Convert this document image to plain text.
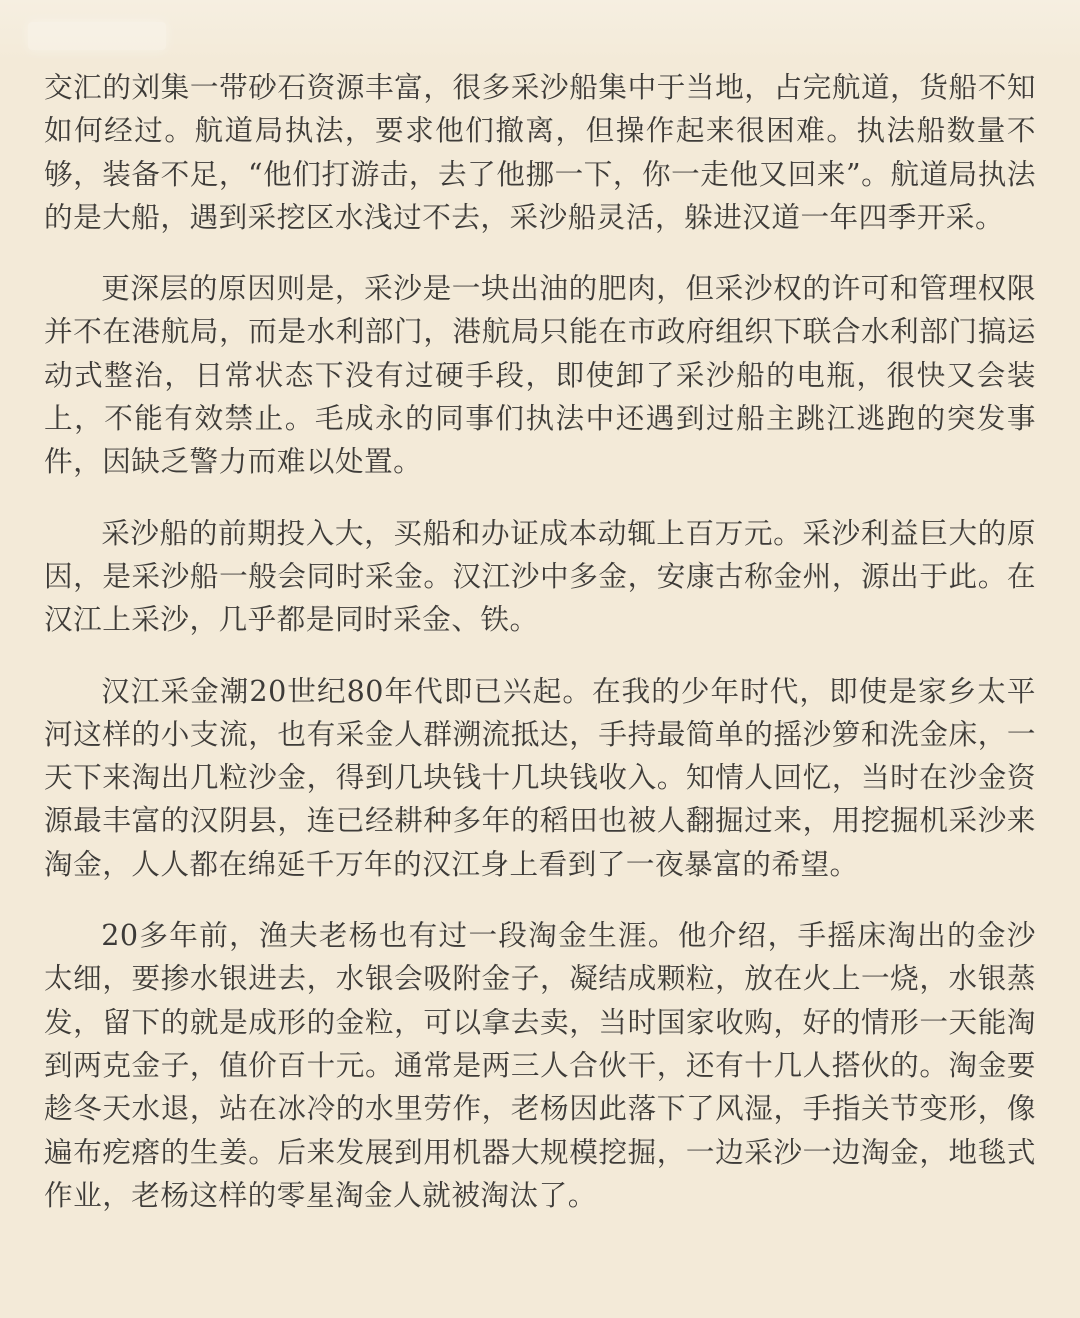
交汇的刘集一带砂石资源丰富，很多采沙船集中于当地，占完航道，货船不知如何经过。航道局执法，要求他们撤离，但操作起来很困难。执法船数量不够，装备不足，“他们打游击，去了他挪一下，你一走他又回来”。航道局执法的是大船，遇到采挖区水浅过不去，采沙船灵活，躲进汉道一年四季开采。

更深层的原因则是，采沙是一块出油的肥肉，但采沙权的许可和管理权限并不在港航局，而是水利部门，港航局只能在市政府组织下联合水利部门搞运动式整治，日常状态下没有过硬手段，即使卸了采沙船的电瓶，很快又会装上，不能有效禁止。毛成永的同事们执法中还遇到过船主跳江逃跑的突发事件，因缺乏警力而难以处置。

采沙船的前期投入大，买船和办证成本动辄上百万元。采沙利益巨大的原因，是采沙船一般会同时采金。汉江沙中多金，安康古称金州，源出于此。在汉江上采沙，几乎都是同时采金、铁。

汉江采金潮20世纪80年代即已兴起。在我的少年时代，即使是家乡太平河这样的小支流，也有采金人群溯流抵达，手持最简单的摇沙箩和洗金床，一天下来淘出几粒沙金，得到几块钱十几块钱收入。知情人回忆，当时在沙金资源最丰富的汉阴县，连已经耕种多年的稻田也被人翻掘过来，用挖掘机采沙来淘金，人人都在绵延千万年的汉江身上看到了一夜暴富的希望。

20多年前，渔夫老杨也有过一段淘金生涯。他介绍，手摇床淘出的金沙太细，要掺水银进去，水银会吸附金子，凝结成颗粒，放在火上一烧，水银蒸发，留下的就是成形的金粒，可以拿去卖，当时国家收购，好的情形一天能淘到两克金子，值价百十元。通常是两三人合伙干，还有十几人搭伙的。淘金要趁冬天水退，站在冰冷的水里劳作，老杨因此落下了风湿，手指关节变形，像遍布疙瘩的生姜。后来发展到用机器大规模挖掘，一边采沙一边淘金，地毯式作业，老杨这样的零星淘金人就被淘汰了。
